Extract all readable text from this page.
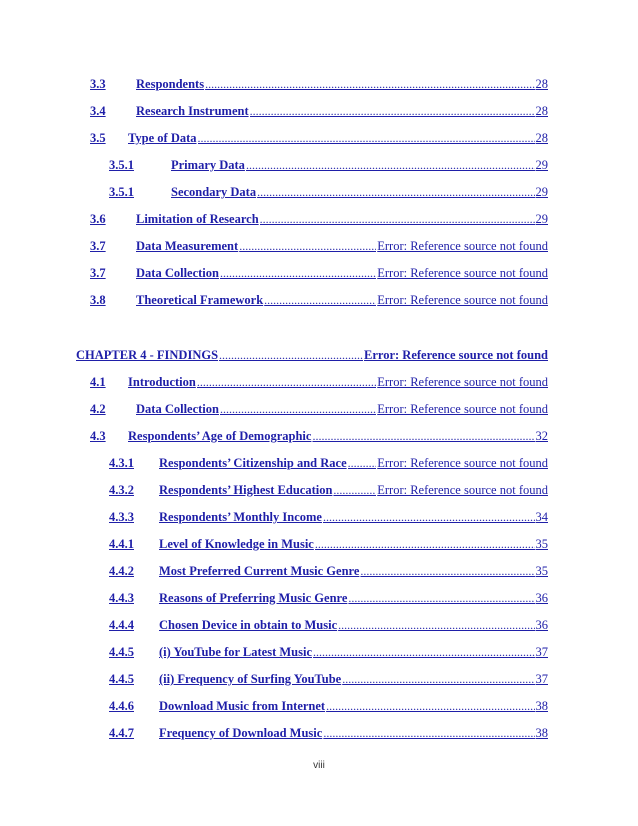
3.3	Respondents .....	28
3.4	Research Instrument .....	28
3.5	Type of Data .....	28
3.5.1	Primary Data .....	29
3.5.1	Secondary Data .....	29
3.6	Limitation of Research .....	29
3.7	Data Measurement .....	Error: Reference source not found
3.7	Data Collection .....	Error: Reference source not found
3.8	Theoretical Framework .....	Error: Reference source not found
CHAPTER 4 - FINDINGS .....	Error: Reference source not found
4.1	Introduction .....	Error: Reference source not found
4.2	Data Collection .....	Error: Reference source not found
4.3	Respondents’ Age of Demographic .....	32
4.3.1	Respondents’ Citizenship and Race ..... Error: Reference source not found
4.3.2	Respondents’ Highest Education .....	Error: Reference source not found
4.3.3	Respondents’ Monthly Income .....	34
4.4.1	Level of Knowledge in Music .....	35
4.4.2	Most Preferred Current Music Genre .....	35
4.4.3	Reasons of Preferring Music Genre .....	36
4.4.4	Chosen Device in obtain to Music .....	36
4.4.5	(i) YouTube for Latest Music .....	37
4.4.5	(ii) Frequency of Surfing YouTube .....	37
4.4.6	Download Music from Internet .....	38
4.4.7	Frequency of Download Music .....	38
viii
